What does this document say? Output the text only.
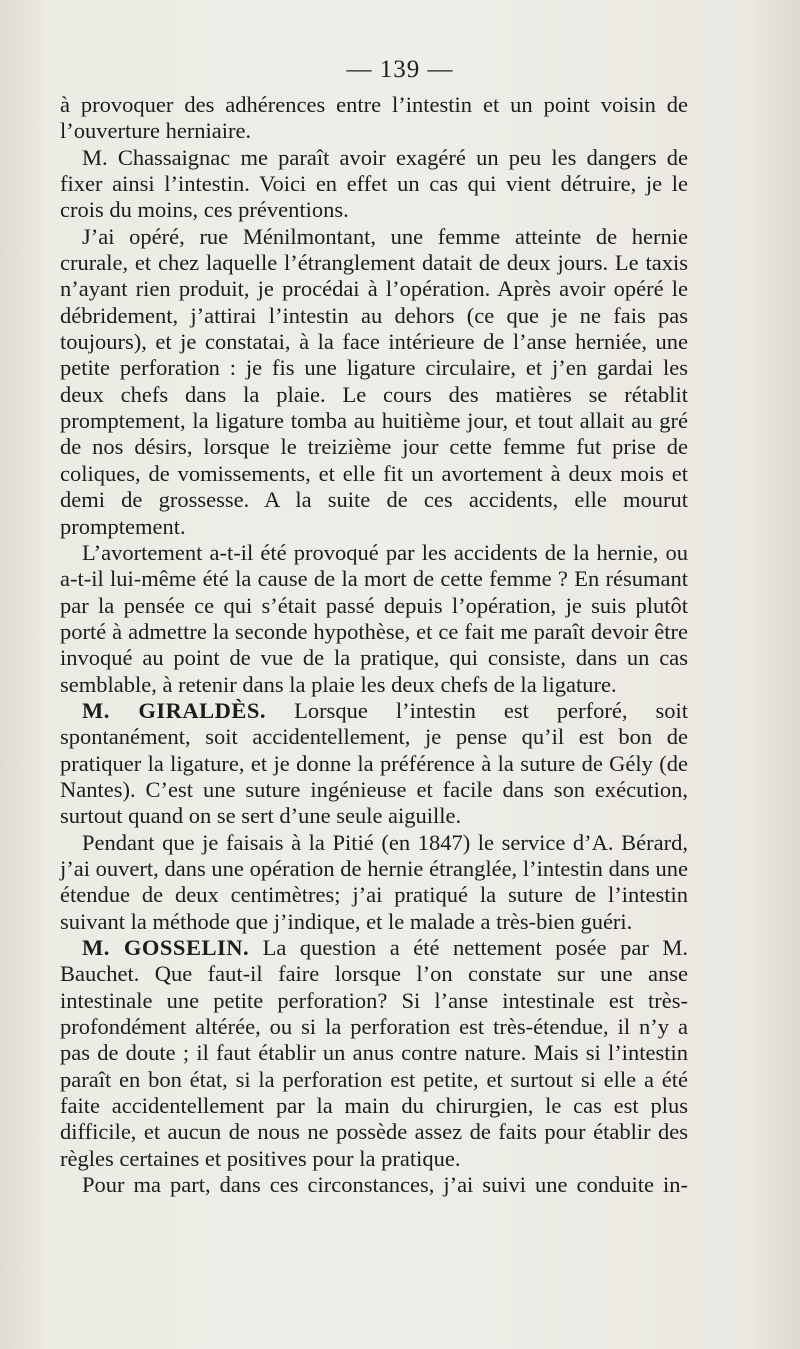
— 139 —

à provoquer des adhérences entre l’intestin et un point voisin de l’ouverture herniaire.

M. Chassaignac me paraît avoir exagéré un peu les dangers de fixer ainsi l’intestin. Voici en effet un cas qui vient détruire, je le crois du moins, ces préventions.

J’ai opéré, rue Ménilmontant, une femme atteinte de hernie crurale, et chez laquelle l’étranglement datait de deux jours. Le taxis n’ayant rien produit, je procédai à l’opération. Après avoir opéré le débridement, j’attirai l’intestin au dehors (ce que je ne fais pas toujours), et je constatai, à la face intérieure de l’anse herniée, une petite perforation : je fis une ligature circulaire, et j’en gardai les deux chefs dans la plaie. Le cours des matières se rétablit promptement, la ligature tomba au huitième jour, et tout allait au gré de nos désirs, lorsque le treizième jour cette femme fut prise de coliques, de vomissements, et elle fit un avortement à deux mois et demi de grossesse. A la suite de ces accidents, elle mourut promptement.

L’avortement a-t-il été provoqué par les accidents de la hernie, ou a-t-il lui-même été la cause de la mort de cette femme ? En résumant par la pensée ce qui s’était passé depuis l’opération, je suis plutôt porté à admettre la seconde hypothèse, et ce fait me paraît devoir être invoqué au point de vue de la pratique, qui consiste, dans un cas semblable, à retenir dans la plaie les deux chefs de la ligature.

M. GIRALDÈS. Lorsque l’intestin est perforé, soit spontanément, soit accidentellement, je pense qu’il est bon de pratiquer la ligature, et je donne la préférence à la suture de Gély (de Nantes). C’est une suture ingénieuse et facile dans son exécution, surtout quand on se sert d’une seule aiguille.

Pendant que je faisais à la Pitié (en 1847) le service d’A. Bérard, j’ai ouvert, dans une opération de hernie étranglée, l’intestin dans une étendue de deux centimètres; j’ai pratiqué la suture de l’intestin suivant la méthode que j’indique, et le malade a très-bien guéri.

M. GOSSELIN. La question a été nettement posée par M. Bauchet. Que faut-il faire lorsque l’on constate sur une anse intestinale une petite perforation? Si l’anse intestinale est très-profondément altérée, ou si la perforation est très-étendue, il n’y a pas de doute ; il faut établir un anus contre nature. Mais si l’intestin paraît en bon état, si la perforation est petite, et surtout si elle a été faite accidentellement par la main du chirurgien, le cas est plus difficile, et aucun de nous ne possède assez de faits pour établir des règles certaines et positives pour la pratique.

Pour ma part, dans ces circonstances, j’ai suivi une conduite in-
